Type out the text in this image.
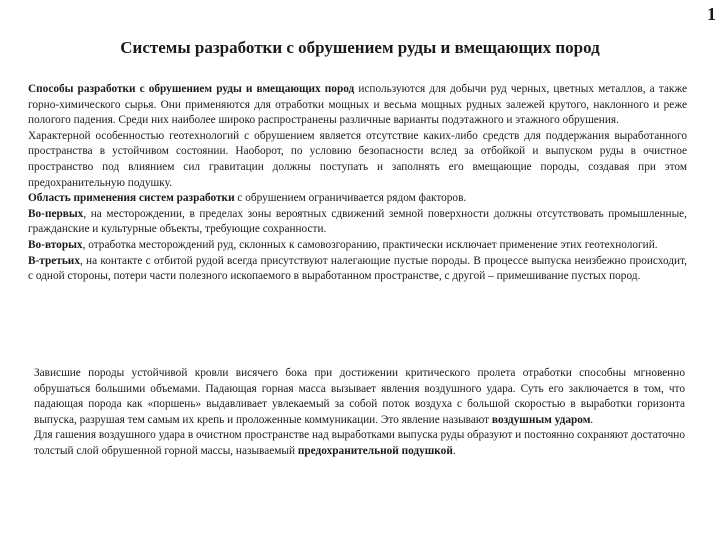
1
Системы разработки с обрушением руды и вмещающих пород

Способы разработки с обрушением руды и вмещающих пород используются для добычи руд черных, цветных металлов, а также горно-химического сырья. Они применяются для отработки мощных и весьма мощных рудных залежей крутого, наклонного и реже пологого падения. Среди них наиболее широко распространены различные варианты подэтажного и этажного обрушения.

Характерной особенностью геотехнологий с обрушением является отсутствие каких-либо средств для поддержания выработанного пространства в устойчивом состоянии. Наоборот, по условию безопасности вслед за отбойкой и выпуском руды в очистное пространство под влиянием сил гравитации должны поступать и заполнять его вмещающие породы, создавая при этом предохранительную подушку.

Область применения систем разработки с обрушением ограничивается рядом факторов.

Во-первых, на месторождении, в пределах зоны вероятных сдвижений земной поверхности должны отсутствовать промышленные, гражданские и культурные объекты, требующие сохранности.

Во-вторых, отработка месторождений руд, склонных к самовозгоранию, практически исключает применение этих геотехнологий.

В-третьих, на контакте с отбитой рудой всегда присутствуют налегающие пустые породы. В процессе выпуска неизбежно происходит, с одной стороны, потери части полезного ископаемого в выработанном пространстве, с другой – примешивание пустых пород.

Зависшие породы устойчивой кровли висячего бока при достижении критического пролета отработки способны мгновенно обрушаться большими объемами. Падающая горная масса вызывает явления воздушного удара. Суть его заключается в том, что падающая порода как «поршень» выдавливает увлекаемый за собой поток воздуха с большой скоростью в выработки горизонта выпуска, разрушая тем самым их крепь и проложенные коммуникации. Это явление называют воздушным ударом.

Для гашения воздушного удара в очистном пространстве над выработками выпуска руды образуют и постоянно сохраняют достаточно толстый слой обрушенной горной массы, называемый предохранительной подушкой.
